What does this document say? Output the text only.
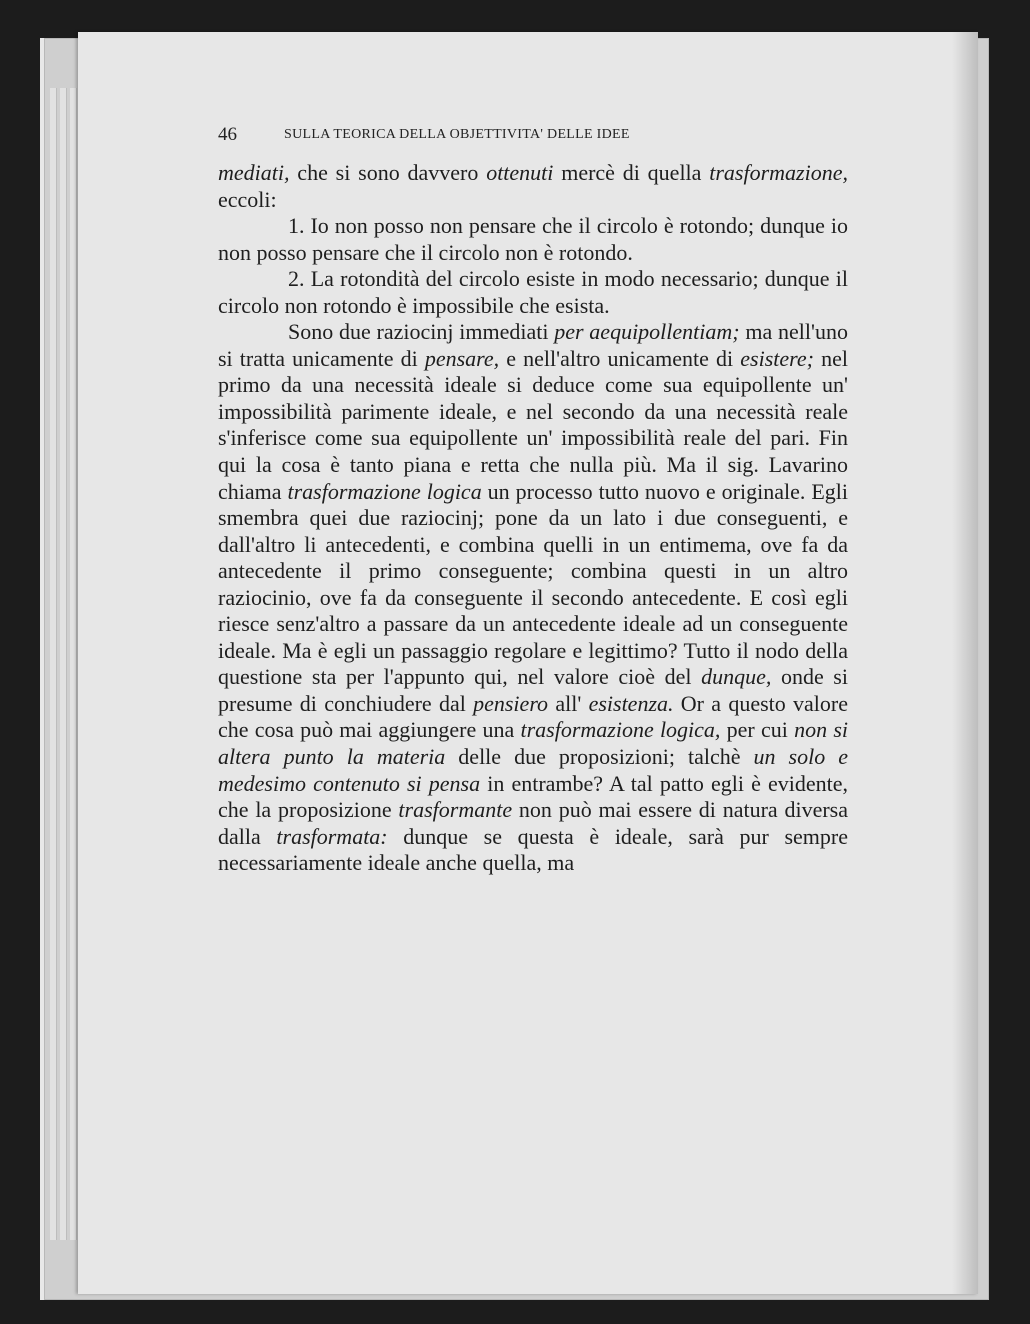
46	SULLA TEORICA DELLA OBJETTIVITA' DELLE IDEE

mediati, che si sono davvero ottenuti mercè di quella trasformazione, eccoli:

1. Io non posso non pensare che il circolo è rotondo; dunque io non posso pensare che il circolo non è rotondo.

2. La rotondità del circolo esiste in modo necessario; dunque il circolo non rotondo è impossibile che esista.

Sono due raziocinj immediati per aequipollentiam; ma nell'uno si tratta unicamente di pensare, e nell'altro unicamente di esistere; nel primo da una necessità ideale si deduce come sua equipollente un' impossibilità parimente ideale, e nel secondo da una necessità reale s'inferisce come sua equipollente un' impossibilità reale del pari. Fin qui la cosa è tanto piana e retta che nulla più. Ma il sig. Lavarino chiama trasformazione logica un processo tutto nuovo e originale. Egli smembra quei due raziocinj; pone da un lato i due conseguenti, e dall'altro li antecedenti, e combina quelli in un entimema, ove fa da antecedente il primo conseguente; combina questi in un altro raziocinio, ove fa da conseguente il secondo antecedente. E così egli riesce senz'altro a passare da un antecedente ideale ad un conseguente ideale. Ma è egli un passaggio regolare e legittimo? Tutto il nodo della questione sta per l'appunto qui, nel valore cioè del dunque, onde si presume di conchiudere dal pensiero all' esistenza. Or a questo valore che cosa può mai aggiungere una trasformazione logica, per cui non si altera punto la materia delle due proposizioni; talchè un solo e medesimo contenuto si pensa in entrambe? A tal patto egli è evidente, che la proposizione trasformante non può mai essere di natura diversa dalla trasformata: dunque se questa è ideale, sarà pur sempre necessariamente ideale anche quella, ma
